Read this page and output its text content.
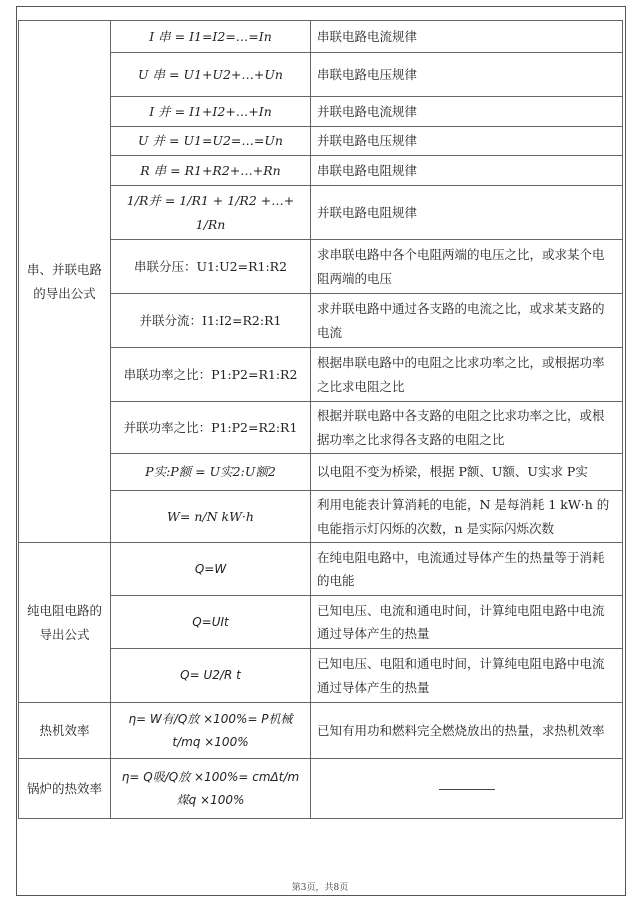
串、并联电路的导出公式	I 串 = I1=I2=…=In	串联电路电流规律
	U 串 = U1+U2+…+Un	串联电路电压规律
	I 并 = I1+I2+…+In	并联电路电流规律
	U 并 = U1=U2=…=Un	并联电路电压规律
	R 串 = R1+R2+…+Rn	串联电路电阻规律
	1/R并 = 1/R1 + 1/R2 +…+ 1/Rn	并联电路电阻规律
	串联分压：U1:U2=R1:R2	求串联电路中各个电阻两端的电压之比，或求某个电阻两端的电压
	并联分流：I1:I2=R2:R1	求并联电路中通过各支路的电流之比，或求某支路的电流
	串联功率之比：P1:P2=R1:R2	根据串联电路中的电阻之比求功率之比，或根据功率之比求电阻之比
	并联功率之比：P1:P2=R2:R1	根据并联电路中各支路的电阻之比求功率之比，或根据功率之比求得各支路的电阻之比
	P实:P额 = U实2:U额2	以电阻不变为桥梁，根据 P额、U额、U实求 P实
	W= n/N kW·h	利用电能表计算消耗的电能，N 是每消耗 1 kW·h 的电能指示灯闪烁的次数，n 是实际闪烁次数
纯电阻电路的导出公式	Q=W	在纯电阻电路中，电流通过导体产生的热量等于消耗的电能
	Q=UIt	已知电压、电流和通电时间，计算纯电阻电路中电流通过导体产生的热量
	Q= U2/R t	已知电压、电阻和通电时间，计算纯电阻电路中电流通过导体产生的热量
热机效率	η= W有/Q放 ×100%= P机械t/mq ×100%	已知有用功和燃料完全燃烧放出的热量，求热机效率
锅炉的热效率	η= Q吸/Q放 ×100%= cmΔt/m煤q ×100%	
第3页，共8页
